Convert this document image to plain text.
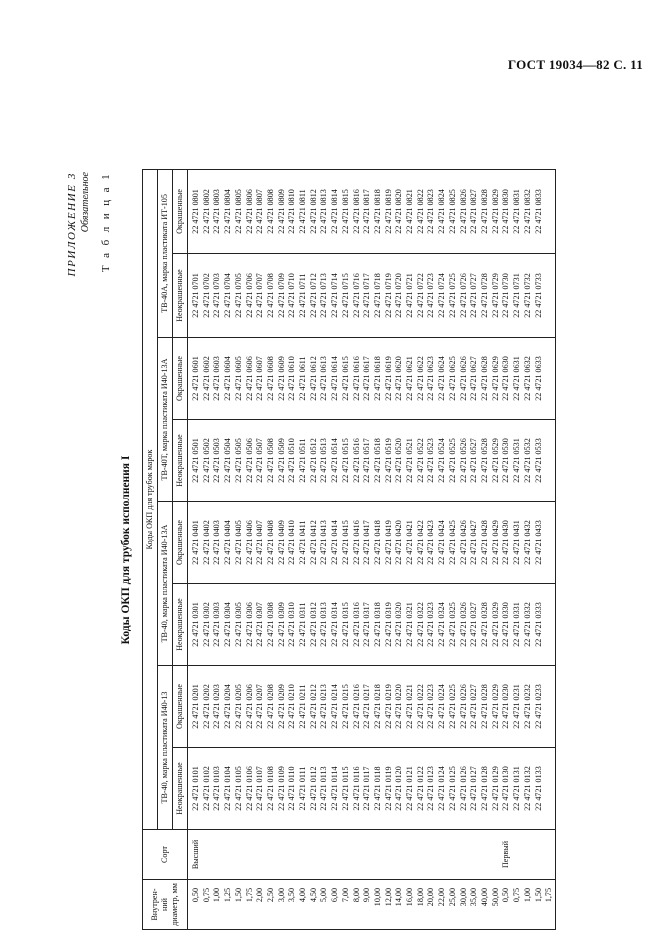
ГОСТ 19034—82 С. 11
ПРИЛОЖЕНИЕ 3 Обязательное Т а б л и ц а 1
Коды ОКП для трубок исполнения I
Внутрен-ний диаметр, мм	Сорт	Коды ОКП для трубок марок							
		ТВ-40, марка пластиката И40-13		ТВ-40, марка пластиката И40-13А		ТВ-40Т, марка пластиката И40-13А		ТВ-40А, марка пластиката ИТ-105	
		Неокрашенные	Окрашенные	Неокрашенные	Окрашенные	Неокрашенные	Окрашенные	Неокрашенные	Окрашенные
0,50	Высший	22 4721 0101	22 4721 0201	22 4721 0301	22 4721 0401	22 4721 0501	22 4721 0601	22 4721 0701	22 4721 0801
0,75		22 4721 0102	22 4721 0202	22 4721 0302	22 4721 0402	22 4721 0502	22 4721 0602	22 4721 0702	22 4721 0802
1,00		22 4721 0103	22 4721 0203	22 4721 0303	22 4721 0403	22 4721 0503	22 4721 0603	22 4721 0703	22 4721 0803
1,25		22 4721 0104	22 4721 0204	22 4721 0304	22 4721 0404	22 4721 0504	22 4721 0604	22 4721 0704	22 4721 0804
1,50		22 4721 0105	22 4721 0205	22 4721 0305	22 4721 0405	22 4721 0505	22 4721 0605	22 4721 0705	22 4721 0805
1,75		22 4721 0106	22 4721 0206	22 4721 0306	22 4721 0406	22 4721 0506	22 4721 0606	22 4721 0706	22 4721 0806
2,00		22 4721 0107	22 4721 0207	22 4721 0307	22 4721 0407	22 4721 0507	22 4721 0607	22 4721 0707	22 4721 0807
2,50		22 4721 0108	22 4721 0208	22 4721 0308	22 4721 0408	22 4721 0508	22 4721 0608	22 4721 0708	22 4721 0808
3,00		22 4721 0109	22 4721 0209	22 4721 0309	22 4721 0409	22 4721 0509	22 4721 0609	22 4721 0709	22 4721 0809
3,50		22 4721 0110	22 4721 0210	22 4721 0310	22 4721 0410	22 4721 0510	22 4721 0610	22 4721 0710	22 4721 0810
4,00		22 4721 0111	22 4721 0211	22 4721 0311	22 4721 0411	22 4721 0511	22 4721 0611	22 4721 0711	22 4721 0811
4,50		22 4721 0112	22 4721 0212	22 4721 0312	22 4721 0412	22 4721 0512	22 4721 0612	22 4721 0712	22 4721 0812
5,00		22 4721 0113	22 4721 0213	22 4721 0313	22 4721 0413	22 4721 0513	22 4721 0613	22 4721 0713	22 4721 0813
6,00		22 4721 0114	22 4721 0214	22 4721 0314	22 4721 0414	22 4721 0514	22 4721 0614	22 4721 0714	22 4721 0814
7,00		22 4721 0115	22 4721 0215	22 4721 0315	22 4721 0415	22 4721 0515	22 4721 0615	22 4721 0715	22 4721 0815
8,00		22 4721 0116	22 4721 0216	22 4721 0316	22 4721 0416	22 4721 0516	22 4721 0616	22 4721 0716	22 4721 0816
9,00		22 4721 0117	22 4721 0217	22 4721 0317	22 4721 0417	22 4721 0517	22 4721 0617	22 4721 0717	22 4721 0817
10,00		22 4721 0118	22 4721 0218	22 4721 0318	22 4721 0418	22 4721 0518	22 4721 0618	22 4721 0718	22 4721 0818
12,00		22 4721 0119	22 4721 0219	22 4721 0319	22 4721 0419	22 4721 0519	22 4721 0619	22 4721 0719	22 4721 0819
14,00		22 4721 0120	22 4721 0220	22 4721 0320	22 4721 0420	22 4721 0520	22 4721 0620	22 4721 0720	22 4721 0820
16,00		22 4721 0121	22 4721 0221	22 4721 0321	22 4721 0421	22 4721 0521	22 4721 0621	22 4721 0721	22 4721 0821
18,00		22 4721 0122	22 4721 0222	22 4721 0322	22 4721 0422	22 4721 0522	22 4721 0622	22 4721 0722	22 4721 0822
20,00		22 4721 0123	22 4721 0223	22 4721 0323	22 4721 0423	22 4721 0523	22 4721 0623	22 4721 0723	22 4721 0823
22,00		22 4721 0124	22 4721 0224	22 4721 0324	22 4721 0424	22 4721 0524	22 4721 0624	22 4721 0724	22 4721 0824
25,00		22 4721 0125	22 4721 0225	22 4721 0325	22 4721 0425	22 4721 0525	22 4721 0625	22 4721 0725	22 4721 0825
30,00		22 4721 0126	22 4721 0226	22 4721 0326	22 4721 0426	22 4721 0526	22 4721 0626	22 4721 0726	22 4721 0826
35,00		22 4721 0127	22 4721 0227	22 4721 0327	22 4721 0427	22 4721 0527	22 4721 0627	22 4721 0727	22 4721 0827
40,00		22 4721 0128	22 4721 0228	22 4721 0328	22 4721 0428	22 4721 0528	22 4721 0628	22 4721 0728	22 4721 0828
50,00		22 4721 0129	22 4721 0229	22 4721 0329	22 4721 0429	22 4721 0529	22 4721 0629	22 4721 0729	22 4721 0829
0,50	Первый	22 4721 0130	22 4721 0230	22 4721 0330	22 4721 0430	22 4721 0530	22 4721 0630	22 4721 0730	22 4721 0830
0,75		22 4721 0131	22 4721 0231	22 4721 0331	22 4721 0431	22 4721 0531	22 4721 0631	22 4721 0731	22 4721 0831
1,00		22 4721 0132	22 4721 0232	22 4721 0332	22 4721 0432	22 4721 0532	22 4721 0632	22 4721 0732	22 4721 0832
1,50		22 4721 0133	22 4721 0233	22 4721 0333	22 4721 0433	22 4721 0533	22 4721 0633	22 4721 0733	22 4721 0833
1,75									
